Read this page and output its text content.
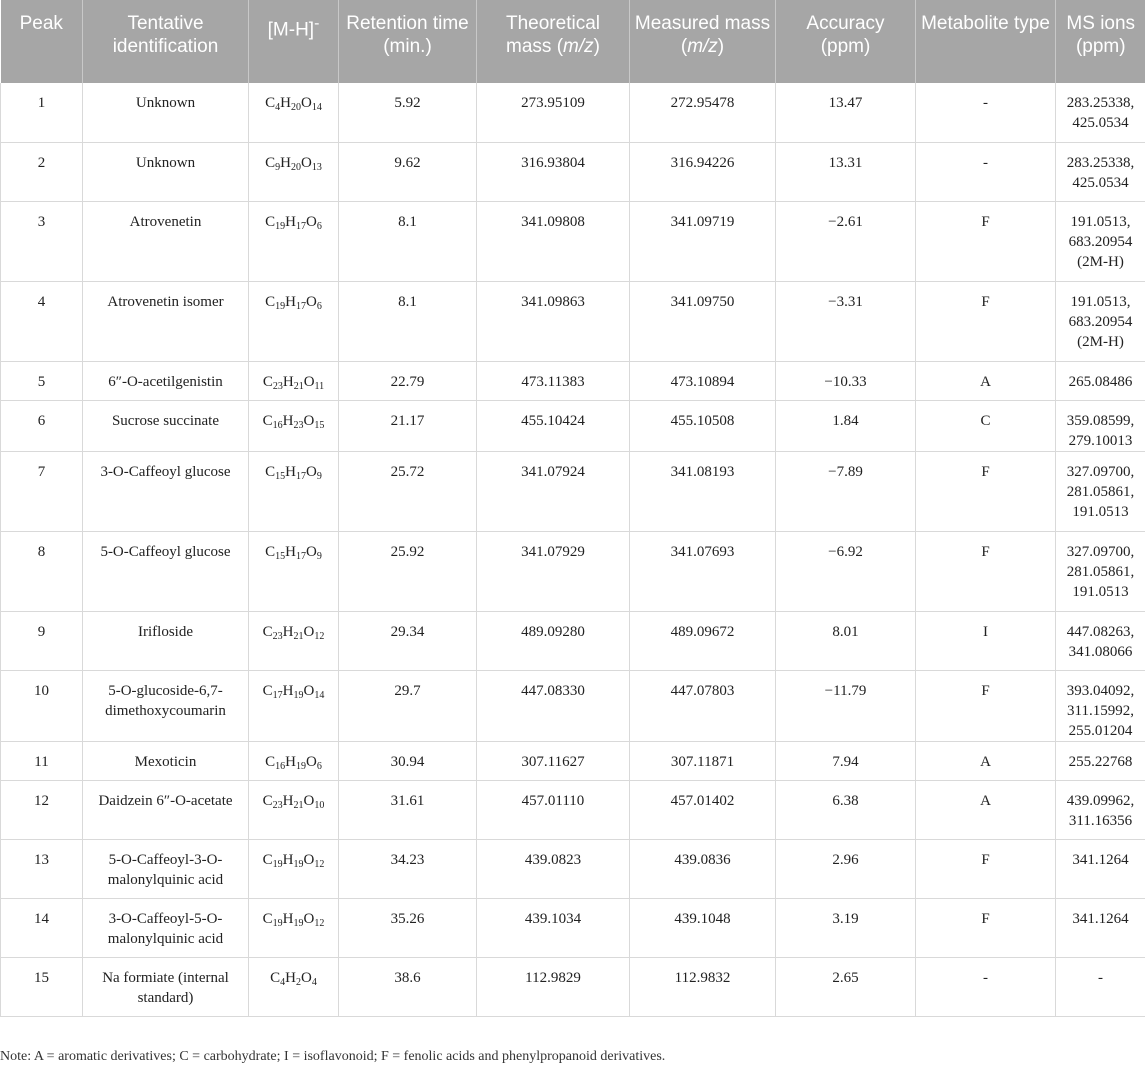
Peak	Tentative identification	[M-H]-	Retention time (min.)	Theoretical mass (m/z)	Measured mass (m/z)	Accuracy (ppm)	Metabolite type	MS ions (ppm)
1	Unknown	$C_4H_{20}O_{14}$	5.92	273.95109	272.95478	13.47	-	283.25338, 425.0534
2	Unknown	$C_9H_{20}O_{13}$	9.62	316.93804	316.94226	13.31	-	283.25338, 425.0534
3	Atrovenetin	$C_{19}H_{17}O_6$	8.1	341.09808	341.09719	−2.61	F	191.0513, 683.20954 (2M-H)
4	Atrovenetin isomer	$C_{19}H_{17}O_6$	8.1	341.09863	341.09750	−3.31	F	191.0513, 683.20954 (2M-H)
5	6″-O-acetilgenistin	$C_{23}H_{21}O_{11}$	22.79	473.11383	473.10894	−10.33	A	265.08486
6	Sucrose succinate	$C_{16}H_{23}O_{15}$	21.17	455.10424	455.10508	1.84	C	359.08599, 279.10013
7	3-O-Caffeoyl glucose	$C_{15}H_{17}O_9$	25.72	341.07924	341.08193	−7.89	F	327.09700, 281.05861, 191.0513
8	5-O-Caffeoyl glucose	$C_{15}H_{17}O_9$	25.92	341.07929	341.07693	−6.92	F	327.09700, 281.05861, 191.0513
9	Irifloside	$C_{23}H_{21}O_{12}$	29.34	489.09280	489.09672	8.01	I	447.08263, 341.08066
10	5-O-glucoside-6,7-dimethoxycoumarin	$C_{17}H_{19}O_{14}$	29.7	447.08330	447.07803	−11.79	F	393.04092, 311.15992, 255.01204
11	Mexoticin	$C_{16}H_{19}O_6$	30.94	307.11627	307.11871	7.94	A	255.22768
12	Daidzein 6″-O-acetate	$C_{23}H_{21}O_{10}$	31.61	457.01110	457.01402	6.38	A	439.09962, 311.16356
13	5-O-Caffeoyl-3-O-malonylquinic acid	$C_{19}H_{19}O_{12}$	34.23	439.0823	439.0836	2.96	F	341.1264
14	3-O-Caffeoyl-5-O-malonylquinic acid	$C_{19}H_{19}O_{12}$	35.26	439.1034	439.1048	3.19	F	341.1264
15	Na formiate (internal standard)	$C_4H_2O_4$	38.6	112.9829	112.9832	2.65	-	-
Note: A = aromatic derivatives; C = carbohydrate; I = isoflavonoid; F = fenolic acids and phenylpropanoid derivatives.
